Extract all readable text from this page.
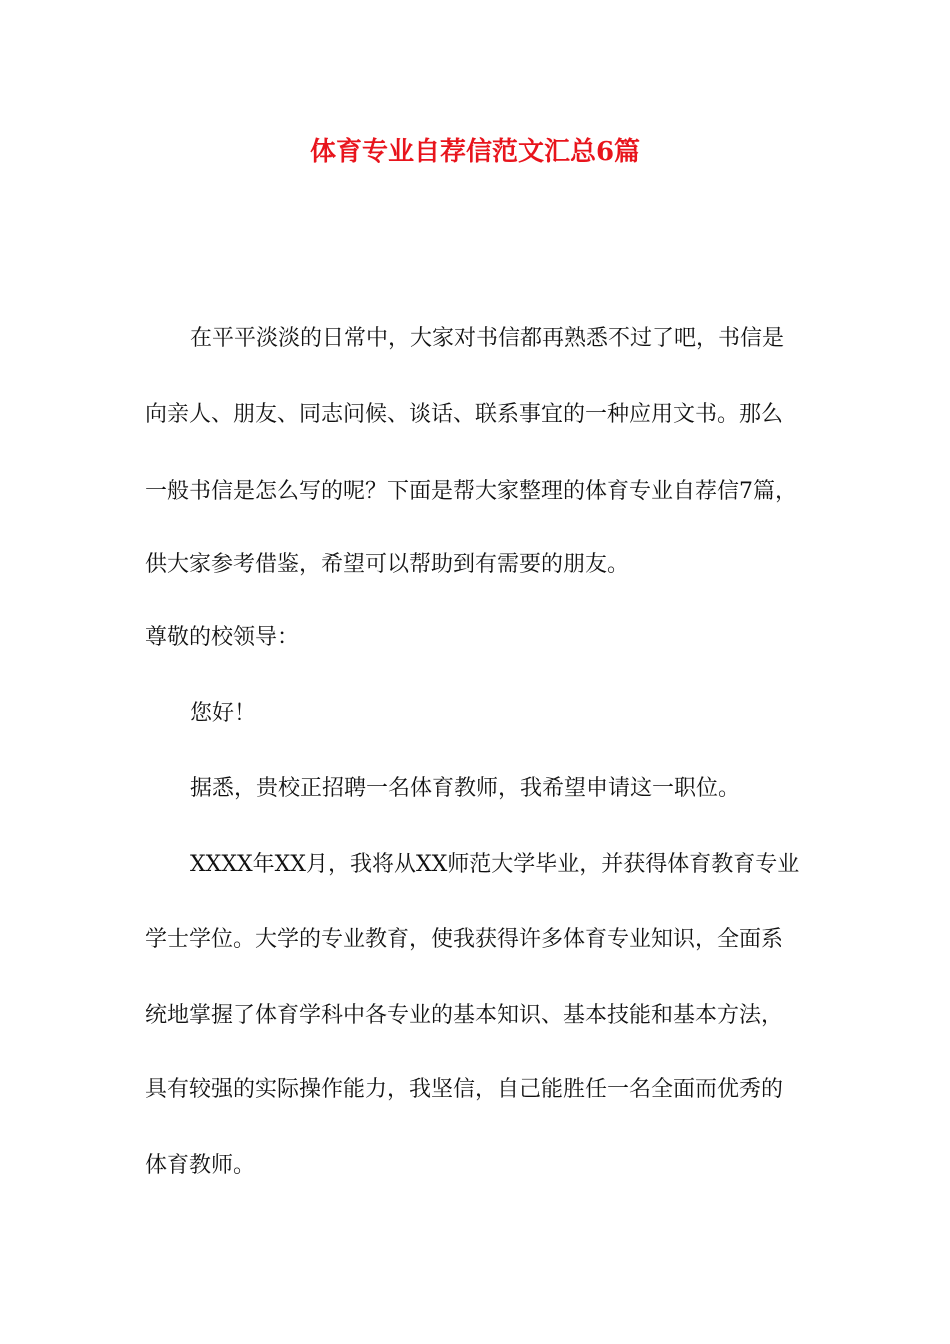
体育专业自荐信范文汇总6篇
在平平淡淡的日常中，大家对书信都再熟悉不过了吧，书信是
向亲人、朋友、同志问候、谈话、联系事宜的一种应用文书。那么
一般书信是怎么写的呢？下面是帮大家整理的体育专业自荐信7篇，
供大家参考借鉴，希望可以帮助到有需要的朋友。
尊敬的校领导：
您好！
据悉，贵校正招聘一名体育教师，我希望申请这一职位。
XXXX年XX月，我将从XX师范大学毕业，并获得体育教育专业
学士学位。大学的专业教育，使我获得许多体育专业知识，全面系
统地掌握了体育学科中各专业的基本知识、基本技能和基本方法，
具有较强的实际操作能力，我坚信，自己能胜任一名全面而优秀的
体育教师。
